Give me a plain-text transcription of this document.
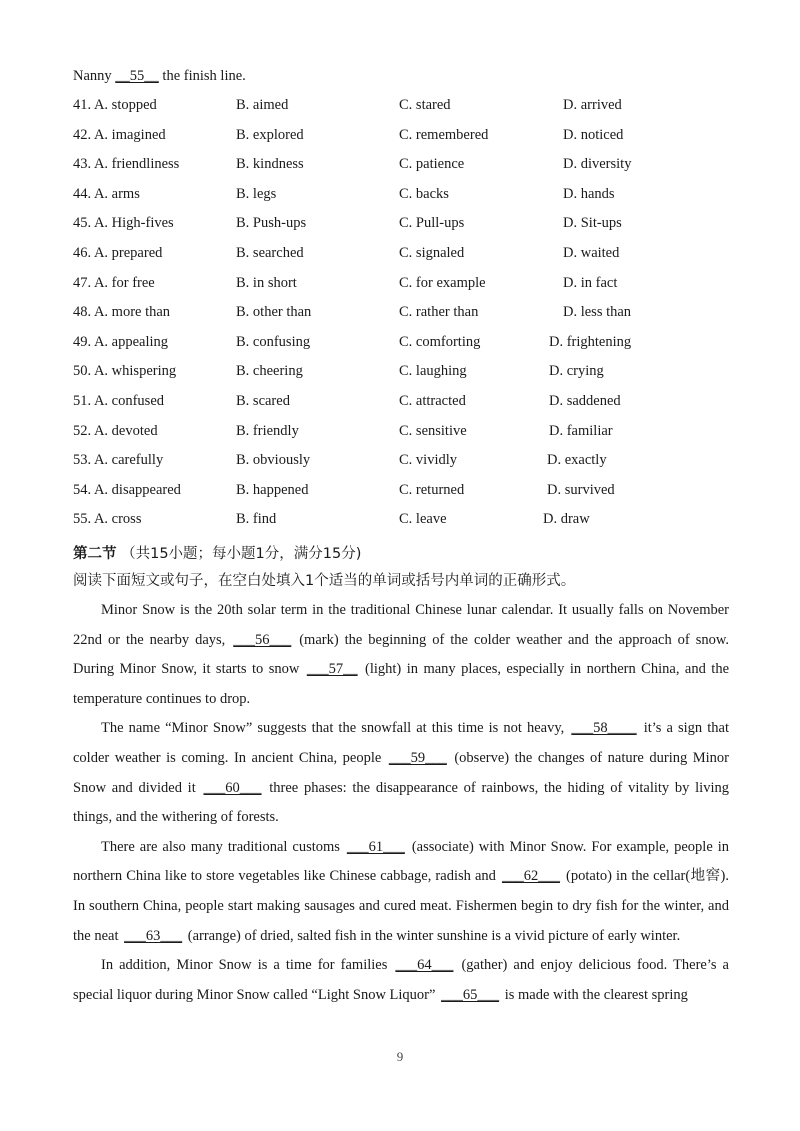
Nanny __55__ the finish line.
41. A. stopped	B. aimed	C. stared	D. arrived
42. A. imagined	B. explored	C. remembered	D. noticed
43. A. friendliness	B. kindness	C. patience	D. diversity
44. A. arms	B. legs	C. backs	D. hands
45. A. High-fives	B. Push-ups	C. Pull-ups	D. Sit-ups
46. A. prepared	B. searched	C. signaled	D. waited
47. A. for free	B. in short	C. for example	D. in fact
48. A. more than	B. other than	C. rather than	D. less than
49. A. appealing	B. confusing	C. comforting	D. frightening
50. A. whispering	B. cheering	C. laughing	D. crying
51. A. confused	B. scared	C. attracted	D. saddened
52. A. devoted	B. friendly	C. sensitive	D. familiar
53. A. carefully	B. obviously	C. vividly	D. exactly
54. A. disappeared	B. happened	C. returned	D. survived
55. A. cross	B. find	C. leave	D. draw
第二节 （共15小题；每小题1分，满分15分)
阅读下面短文或句子，在空白处填入1个适当的单词或括号内单词的正确形式。

Minor Snow is the 20th solar term in the traditional Chinese lunar calendar. It usually falls on November 22nd or the nearby days, ___56___ (mark) the beginning of the colder weather and the approach of snow. During Minor Snow, it starts to snow ___57__ (light) in many places, especially in northern China, and the temperature continues to drop.

The name “Minor Snow” suggests that the snowfall at this time is not heavy, ___58____ it’s a sign that colder weather is coming. In ancient China, people ___59___ (observe) the changes of nature during Minor Snow and divided it ___60___ three phases: the disappearance of rainbows, the hiding of vitality by living things, and the withering of forests.

There are also many traditional customs ___61___ (associate) with Minor Snow. For example, people in northern China like to store vegetables like Chinese cabbage, radish and ___62___ (potato) in the cellar(地窖). In southern China, people start making sausages and cured meat. Fishermen begin to dry fish for the winter, and the neat ___63___ (arrange) of dried, salted fish in the winter sunshine is a vivid picture of early winter.

In addition, Minor Snow is a time for families ___64___ (gather) and enjoy delicious food. There’s a special liquor during Minor Snow called “Light Snow Liquor” ___65___ is made with the clearest spring

9
